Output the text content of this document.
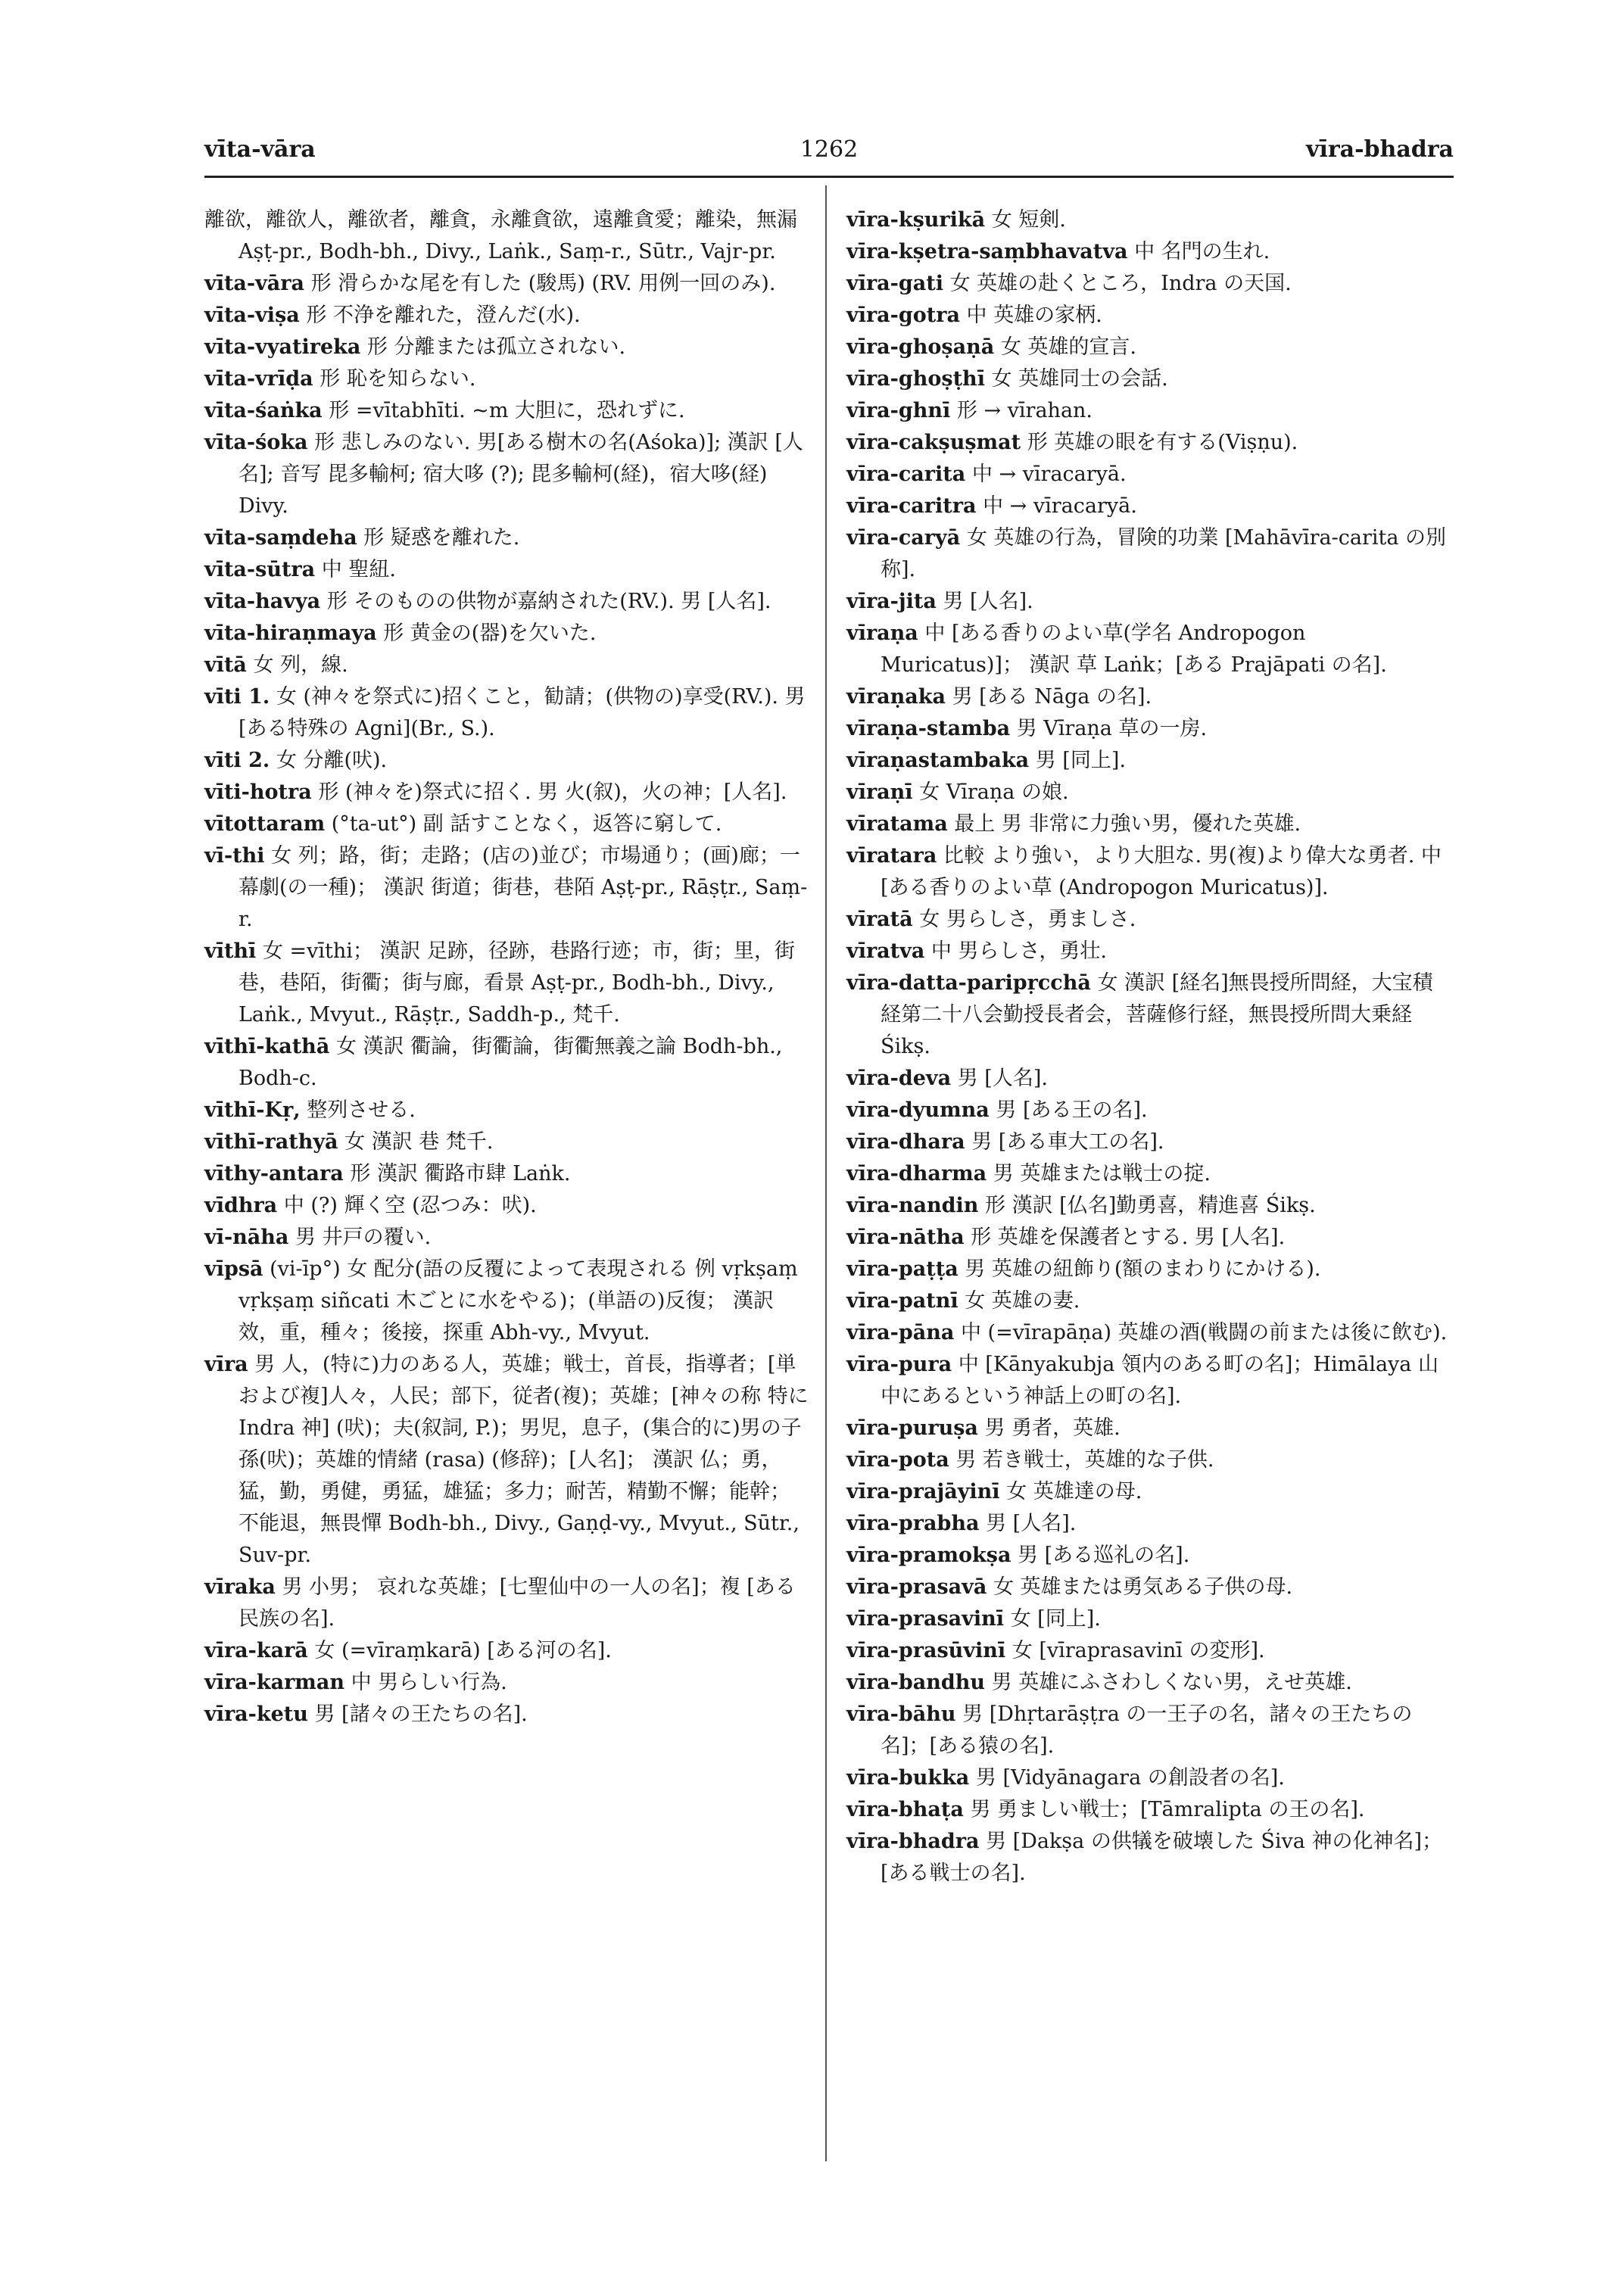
vīta-vāra	1262	vīra-bhadra
離欲，離欲人，離欲者，離貪，永離貪欲，遠離貪愛；離染，無漏 Aṣṭ-pr., Bodh-bh., Divy., Laṅk., Saṃ-r., Sūtr., Vajr-pr.
vīta-vāra 形 滑らかな尾を有した (駿馬) (RV. 用例一回のみ).
vīta-viṣa 形 不浄を離れた，澄んだ(水).
vīta-vyatireka 形 分離または孤立されない.
vīta-vrīḍa 形 恥を知らない.
vīta-śaṅka 形 =vītabhīti. ~m 大胆に，恐れずに.
vīta-śoka 形 悲しみのない. 男[ある樹木の名(Aśoka)]; 漢訳 [人名]; 音写 毘多輸柯; 宿大哆 (?); 毘多輸柯(経)，宿大哆(経) Divy.
vīta-saṃdeha 形 疑惑を離れた.
vīta-sūtra 中 聖紐.
vīta-havya 形 そのものの供物が嘉納された(RV.). 男 [人名].
vīta-hiraṇmaya 形 黄金の(器)を欠いた.
vītā 女 列，線.
vīti 1. 女 (神々を祭式に)招くこと，勧請；(供物の)享受(RV.). 男[ある特殊の Agni](Br., S.).
vīti 2. 女 分離(吠).
vīti-hotra 形 (神々を)祭式に招く. 男 火(叙)，火の神；[人名].
vītottaram (°ta-ut°) 副 話すことなく，返答に窮して.
vī-thi 女 列；路，街；走路；(店の)並び；市場通り；(画)廊；一幕劇(の一種)； 漢訳 街道；街巷，巷陌 Aṣṭ-pr., Rāṣṭr., Saṃ-r.
vīthī 女 =vīthi； 漢訳 足跡，径跡，巷路行迹；市，街；里，街巷，巷陌，街衢；街与廊，看景 Aṣṭ-pr., Bodh-bh., Divy., Laṅk., Mvyut., Rāṣṭr., Saddh-p., 梵千.
vīthī-kathā 女 漢訳 衢論，街衢論，街衢無義之論 Bodh-bh., Bodh-c.
vīthī-Kṛ, 整列させる.
vīthī-rathyā 女 漢訳 巷 梵千.
vīthy-antara 形 漢訳 衢路市肆 Laṅk.
vīdhra 中 (?) 輝く空 (忍つみ：吠).
vī-nāha 男 井戸の覆い.
vīpsā (vi-īp°) 女 配分(語の反覆によって表現される 例 vṛkṣaṃ vṛkṣaṃ siñcati 木ごとに水をやる)；(単語の)反復； 漢訳 效，重，種々；後接，探重 Abh-vy., Mvyut.
vīra 男 人，(特に)力のある人，英雄；戦士，首長，指導者；[単および複]人々，人民；部下，従者(複)；英雄；[神々の称 特に Indra 神] (吠)；夫(叙詞, P.)；男児，息子，(集合的に)男の子孫(吠)；英雄的情緒 (rasa) (修辞)；[人名]； 漢訳 仏；勇，猛，勤，勇健，勇猛，雄猛；多力；耐苦，精勤不懈；能幹；不能退，無畏憚 Bodh-bh., Divy., Gaṇḍ-vy., Mvyut., Sūtr., Suv-pr.
vīraka 男 小男； 哀れな英雄；[七聖仙中の一人の名]；複 [ある民族の名].
vīra-karā 女 (=vīraṃkarā) [ある河の名].
vīra-karman 中 男らしい行為.
vīra-ketu 男 [諸々の王たちの名].
vīra-kṣurikā 女 短剣.
vīra-kṣetra-saṃbhavatva 中 名門の生れ.
vīra-gati 女 英雄の赴くところ，Indra の天国.
vīra-gotra 中 英雄の家柄.
vīra-ghoṣaṇā 女 英雄的宣言.
vīra-ghoṣṭhī 女 英雄同士の会話.
vīra-ghnī 形 → vīrahan.
vīra-cakṣuṣmat 形 英雄の眼を有する(Viṣṇu).
vīra-carita 中 → vīracaryā.
vīra-caritra 中 → vīracaryā.
vīra-caryā 女 英雄の行為，冒険的功業 [Mahāvīra-carita の別称].
vīra-jita 男 [人名].
vīraṇa 中 [ある香りのよい草(学名 Andropogon Muricatus)]； 漢訳 草 Laṅk；[ある Prajāpati の名].
vīraṇaka 男 [ある Nāga の名].
vīraṇa-stamba 男 Vīraṇa 草の一房.
vīraṇastambaka 男 [同上].
vīraṇī 女 Vīraṇa の娘.
vīratama 最上 男 非常に力強い男，優れた英雄.
vīratara 比較 より強い，より大胆な. 男(複)より偉大な勇者. 中 [ある香りのよい草 (Andropogon Muricatus)].
vīratā 女 男らしさ，勇ましさ.
vīratva 中 男らしさ，勇壮.
vīra-datta-paripṛcchā 女 漢訳 [経名]無畏授所問経，大宝積経第二十八会勤授長者会，菩薩修行経，無畏授所問大乗経 Śikṣ.
vīra-deva 男 [人名].
vīra-dyumna 男 [ある王の名].
vīra-dhara 男 [ある車大工の名].
vīra-dharma 男 英雄または戦士の掟.
vīra-nandin 形 漢訳 [仏名]勤勇喜，精進喜 Śikṣ.
vīra-nātha 形 英雄を保護者とする. 男 [人名].
vīra-paṭṭa 男 英雄の紐飾り(額のまわりにかける).
vīra-patnī 女 英雄の妻.
vīra-pāna 中 (=vīrapāṇa) 英雄の酒(戦闘の前または後に飲む).
vīra-pura 中 [Kānyakubja 領内のある町の名]；Himālaya 山中にあるという神話上の町の名].
vīra-puruṣa 男 勇者，英雄.
vīra-pota 男 若き戦士，英雄的な子供.
vīra-prajāyinī 女 英雄達の母.
vīra-prabha 男 [人名].
vīra-pramokṣa 男 [ある巡礼の名].
vīra-prasavā 女 英雄または勇気ある子供の母.
vīra-prasavinī 女 [同上].
vīra-prasūvinī 女 [vīraprasavinī の変形].
vīra-bandhu 男 英雄にふさわしくない男，えせ英雄.
vīra-bāhu 男 [Dhṛtarāṣṭra の一王子の名，諸々の王たちの名]；[ある猿の名].
vīra-bukka 男 [Vidyānagara の創設者の名].
vīra-bhaṭa 男 勇ましい戦士；[Tāmralipta の王の名].
vīra-bhadra 男 [Dakṣa の供犠を破壊した Śiva 神の化神名]；[ある戦士の名].
